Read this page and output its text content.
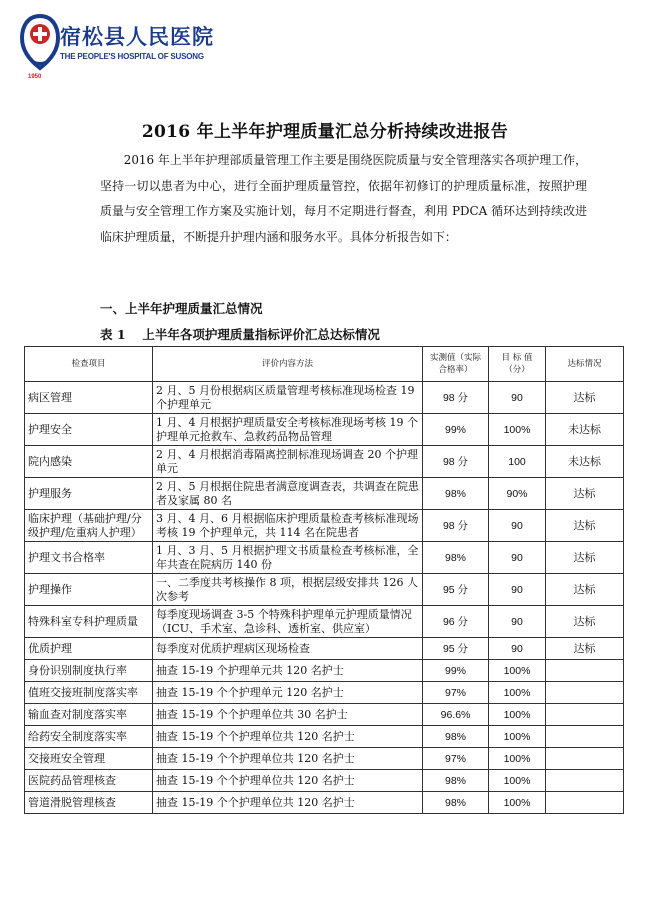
宿松县人民医院
THE PEOPLE'S HOSPITAL OF SUSONG
1950
2016 年上半年护理质量汇总分析持续改进报告

2016 年上半年护理部质量管理工作主要是围绕医院质量与安全管理落实各项护理工作，坚持一切以患者为中心，进行全面护理质量管控，依据年初修订的护理质量标准，按照护理质量与安全管理工作方案及实施计划，每月不定期进行督查，利用 PDCA 循环达到持续改进临床护理质量，不断提升护理内涵和服务水平。具体分析报告如下：

一、上半年护理质量汇总情况
表 1　 上半年各项护理质量指标评价汇总达标情况
检查项目	评价内容方法	实测值（实际合格率）	目 标 值（分）	达标情况
病区管理	2 月、5 月份根据病区质量管理考核标准现场检查 19 个护理单元	98 分	90	达标
护理安全	1 月、4 月根据护理质量安全考核标准现场考核 19 个护理单元抢救车、急救药品物品管理	99%	100%	未达标
院内感染	2 月、4 月根据消毒隔离控制标准现场调查 20 个护理单元	98 分	100	未达标
护理服务	2 月、5 月根据住院患者满意度调查表，共调查在院患者及家属 80 名	98%	90%	达标
临床护理（基础护理/分级护理/危重病人护理）	3 月、4 月、6 月根据临床护理质量检查考核标准现场考核 19 个护理单元，共 114 名在院患者	98 分	90	达标
护理文书合格率	1 月、3 月、5 月根据护理文书质量检查考核标准，全年共查在院病历 140 份	98%	90	达标
护理操作	一、二季度共考核操作 8 项，根据层级安排共 126 人次参考	95 分	90	达标
特殊科室专科护理质量	每季度现场调查 3-5 个特殊科护理单元护理质量情况（ICU、手术室、急诊科、透析室、供应室）	96 分	90	达标
优质护理	每季度对优质护理病区现场检查	95 分	90	达标
身份识别制度执行率	抽查 15-19 个护理单元共 120 名护士	99%	100%	
值班交接班制度落实率	抽查 15-19 个个护理单元 120 名护士	97%	100%	
输血查对制度落实率	抽查 15-19 个个护理单位共 30 名护士	96.6%	100%	
给药安全制度落实率	抽查 15-19 个个护理单位共 120 名护士	98%	100%	
交接班安全管理	抽查 15-19 个个护理单位共 120 名护士	97%	100%	
医院药品管理核查	抽查 15-19 个个护理单位共 120 名护士	98%	100%	
管道滑脱管理核查	抽查 15-19 个个护理单位共 120 名护士	98%	100%	
